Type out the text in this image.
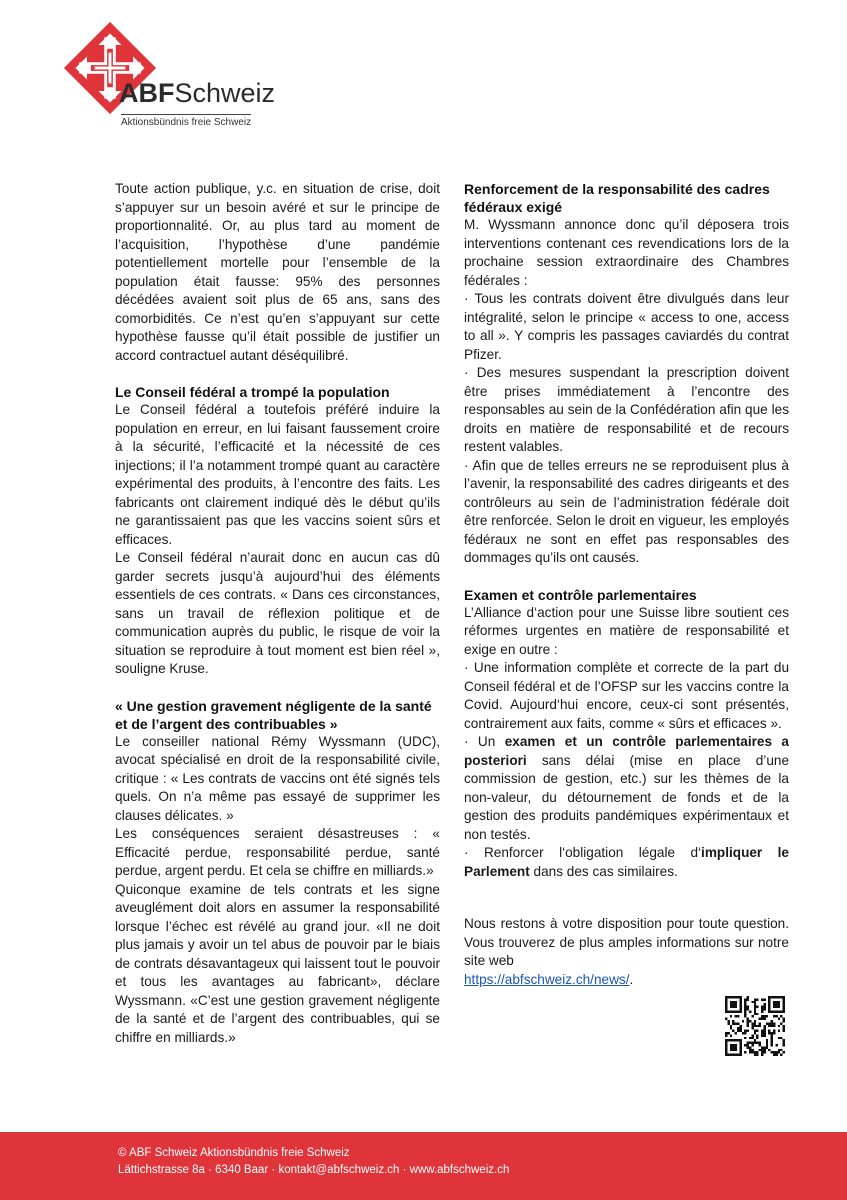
ABFSchweiz
Aktionsbündnis freie Schweiz

Toute action publique, y.c. en situation de crise, doit s’appuyer sur un besoin avéré et sur le principe de proportionnalité. Or, au plus tard au moment de l’acquisition, l’hypothèse d’une pandémie potentiellement mortelle pour l’ensemble de la population était fausse: 95% des personnes décédées avaient soit plus de 65 ans, sans des comorbidités. Ce n’est qu’en s’appuyant sur cette hypothèse fausse qu’il était possible de justifier un accord contractuel autant déséquilibré.

Le Conseil fédéral a trompé la population

Le Conseil fédéral a toutefois préféré induire la population en erreur, en lui faisant faussement croire à la sécurité, l’efficacité et la nécessité de ces injections; il l’a notamment trompé quant au caractère expérimental des produits, à l’encontre des faits. Les fabricants ont clairement indiqué dès le début qu’ils ne garantissaient pas que les vaccins soient sûrs et efficaces.

Le Conseil fédéral n’aurait donc en aucun cas dû garder secrets jusqu’à aujourd’hui des éléments essentiels de ces contrats. « Dans ces circonstances, sans un travail de réflexion politique et de communication auprès du public, le risque de voir la situation se reproduire à tout moment est bien réel », souligne Kruse.

« Une gestion gravement négligente de la santé et de l’argent des contribuables »

Le conseiller national Rémy Wyssmann (UDC), avocat spécialisé en droit de la responsabilité civile, critique : « Les contrats de vaccins ont été signés tels quels. On n’a même pas essayé de supprimer les clauses délicates. »

Les conséquences seraient désastreuses : « Efficacité perdue, responsabilité perdue, santé perdue, argent perdu. Et cela se chiffre en milliards.»

Quiconque examine de tels contrats et les signe aveuglément doit alors en assumer la responsabilité lorsque l’échec est révélé au grand jour. «Il ne doit plus jamais y avoir un tel abus de pouvoir par le biais de contrats désavantageux qui laissent tout le pouvoir et tous les avantages au fabricant», déclare Wyssmann. «C’est une gestion gravement négligente de la santé et de l’argent des contribuables, qui se chiffre en milliards.»

Renforcement de la responsabilité des cadres fédéraux exigé

M. Wyssmann annonce donc qu’il déposera trois interventions contenant ces revendications lors de la prochaine session extraordinaire des Chambres fédérales :

· Tous les contrats doivent être divulgués dans leur intégralité, selon le principe « access to one, access to all ». Y compris les passages caviardés du contrat Pfizer.

· Des mesures suspendant la prescription doivent être prises immédiatement à l’encontre des responsables au sein de la Confédération afin que les droits en matière de responsabilité et de recours restent valables.

· Afin que de telles erreurs ne se reproduisent plus à l’avenir, la responsabilité des cadres dirigeants et des contrôleurs au sein de l’administration fédérale doit être renforcée. Selon le droit en vigueur, les employés fédéraux ne sont en effet pas responsables des dommages qu’ils ont causés.

Examen et contrôle parlementaires

L’Alliance d‘action pour une Suisse libre soutient ces réformes urgentes en matière de responsabilité et exige en outre :

· Une information complète et correcte de la part du Conseil fédéral et de l’OFSP sur les vaccins contre la Covid. Aujourd‘hui encore, ceux-ci sont présentés, contrairement aux faits, comme « sûrs et efficaces ».

· Un examen et un contrôle parlementaires a posteriori sans délai (mise en place d’une commission de gestion, etc.) sur les thèmes de la non-valeur, du détournement de fonds et de la gestion des produits pandémiques expérimentaux et non testés.

· Renforcer l‘obligation légale d‘impliquer le Parlement dans des cas similaires.

Nous restons à votre disposition pour toute question. Vous trouverez de plus amples informations sur notre site web
https://abfschweiz.ch/news/.

© ABF Schweiz Aktionsbündnis freie Schweiz
Lättichstrasse 8a · 6340 Baar · kontakt@abfschweiz.ch · www.abfschweiz.ch
